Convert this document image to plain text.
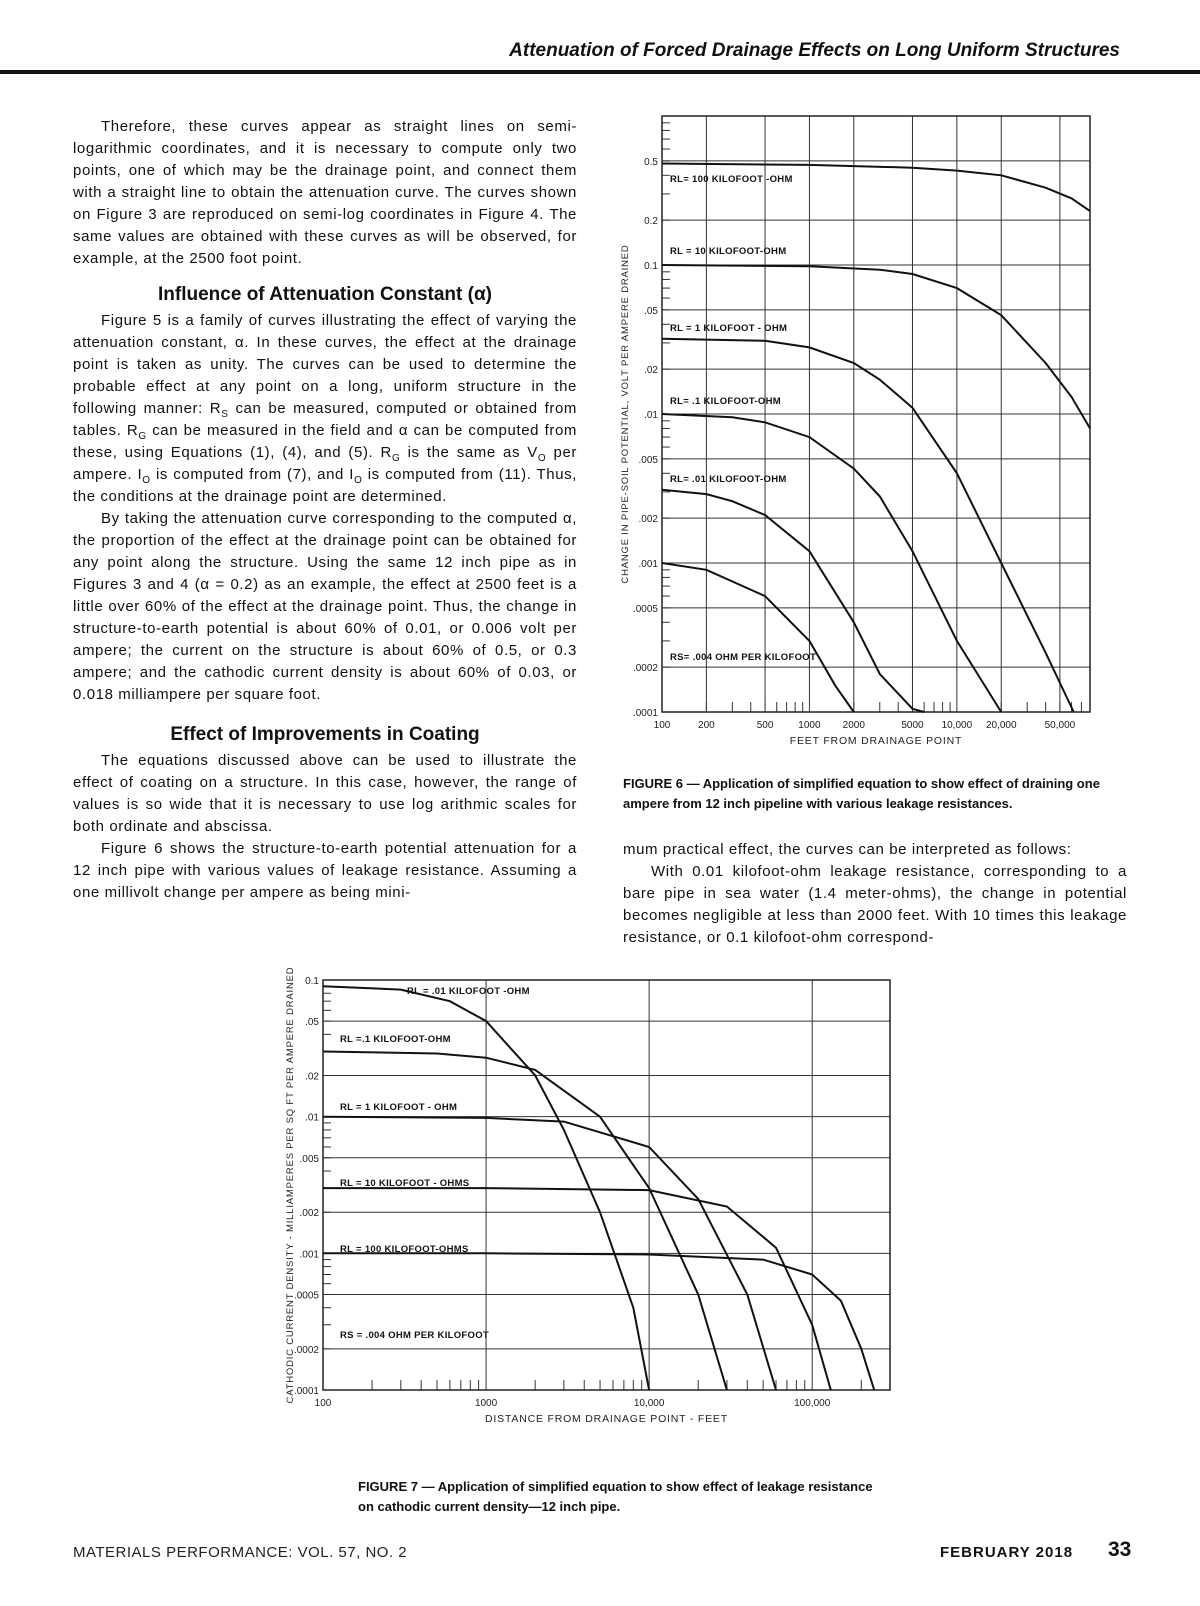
Attenuation of Forced Drainage Effects on Long Uniform Structures

Therefore, these curves appear as straight lines on semi-logarithmic coordinates, and it is necessary to compute only two points, one of which may be the drainage point, and connect them with a straight line to obtain the attenuation curve. The curves shown on Figure 3 are reproduced on semi-log coordinates in Figure 4. The same values are obtained with these curves as will be observed, for example, at the 2500 foot point.

Influence of Attenuation Constant (α)

Figure 5 is a family of curves illustrating the effect of varying the attenuation constant, α. In these curves, the effect at the drainage point is taken as unity. The curves can be used to determine the probable effect at any point on a long, uniform structure in the following manner: $R_S$ can be measured, computed or obtained from tables. $R_G$ can be measured in the field and α can be computed from these, using Equations (1), (4), and (5). $R_G$ is the same as $V_O$ per ampere. $I_O$ is computed from (7), and $I_O$ is computed from (11). Thus, the conditions at the drainage point are determined.

By taking the attenuation curve corresponding to the computed α, the proportion of the effect at the drainage point can be obtained for any point along the structure. Using the same 12 inch pipe as in Figures 3 and 4 (α = 0.2) as an example, the effect at 2500 feet is a little over 60% of the effect at the drainage point. Thus, the change in structure-to-earth potential is about 60% of 0.01, or 0.006 volt per ampere; the current on the structure is about 60% of 0.5, or 0.3 ampere; and the cathodic current density is about 60% of 0.03, or 0.018 milliampere per square foot.

Effect of Improvements in Coating

The equations discussed above can be used to illustrate the effect of coating on a structure. In this case, however, the range of values is so wide that it is necessary to use log arithmic scales for both ordinate and abscissa.

Figure 6 shows the structure-to-earth potential attenuation for a 12 inch pipe with various values of leakage resistance. Assuming a one millivolt change per ampere as being mini-

100	200	500 1000 2000	5000 10,000 20,000	50,000
0.5
0.2
0.1
.05
.02
.01
.005
.002
.001
.0005
.0002
.0001
RL= 100 KILOFOOT -OHM
RL = 10 KILOFOOT-OHM
RL = 1 KILOFOOT - OHM
RL= .1 KILOFOOT-OHM
RL= .01 KILOFOOT-OHM
RS= .004 OHM PER KILOFOOT
FEET FROM DRAINAGE POINT
CHANGE IN PIPE-SOIL POTENTIAL, VOLT PER AMPERE DRAINED
FIGURE 6 — Application of simplified equation to show effect of draining one ampere from 12 inch pipeline with various leakage resistances.

mum practical effect, the curves can be interpreted as follows:

With 0.01 kilofoot-ohm leakage resistance, corresponding to a bare pipe in sea water (1.4 meter-ohms), the change in potential becomes negligible at less than 2000 feet. With 10 times this leakage resistance, or 0.1 kilofoot-ohm correspond-

100	1000	10,000	100,000
0.1
.05
.02
.01
.005
.002
.001
.0005
.0002
.0001
RL = .01 KILOFOOT -OHM
RL =.1 KILOFOOT-OHM
RL = 1 KILOFOOT - OHM
RL = 10 KILOFOOT - OHMS
RL = 100 KILOFOOT-OHMS
RS = .004 OHM PER KILOFOOT
DISTANCE FROM DRAINAGE POINT - FEET
CATHODIC CURRENT DENSITY - MILLIAMPERES PER SQ FT PER AMPERE DRAINED
FIGURE 7 — Application of simplified equation to show effect of leakage resistance on cathodic current density—12 inch pipe.
MATERIALS PERFORMANCE: VOL. 57, NO. 2	FEBRUARY 2018 33
